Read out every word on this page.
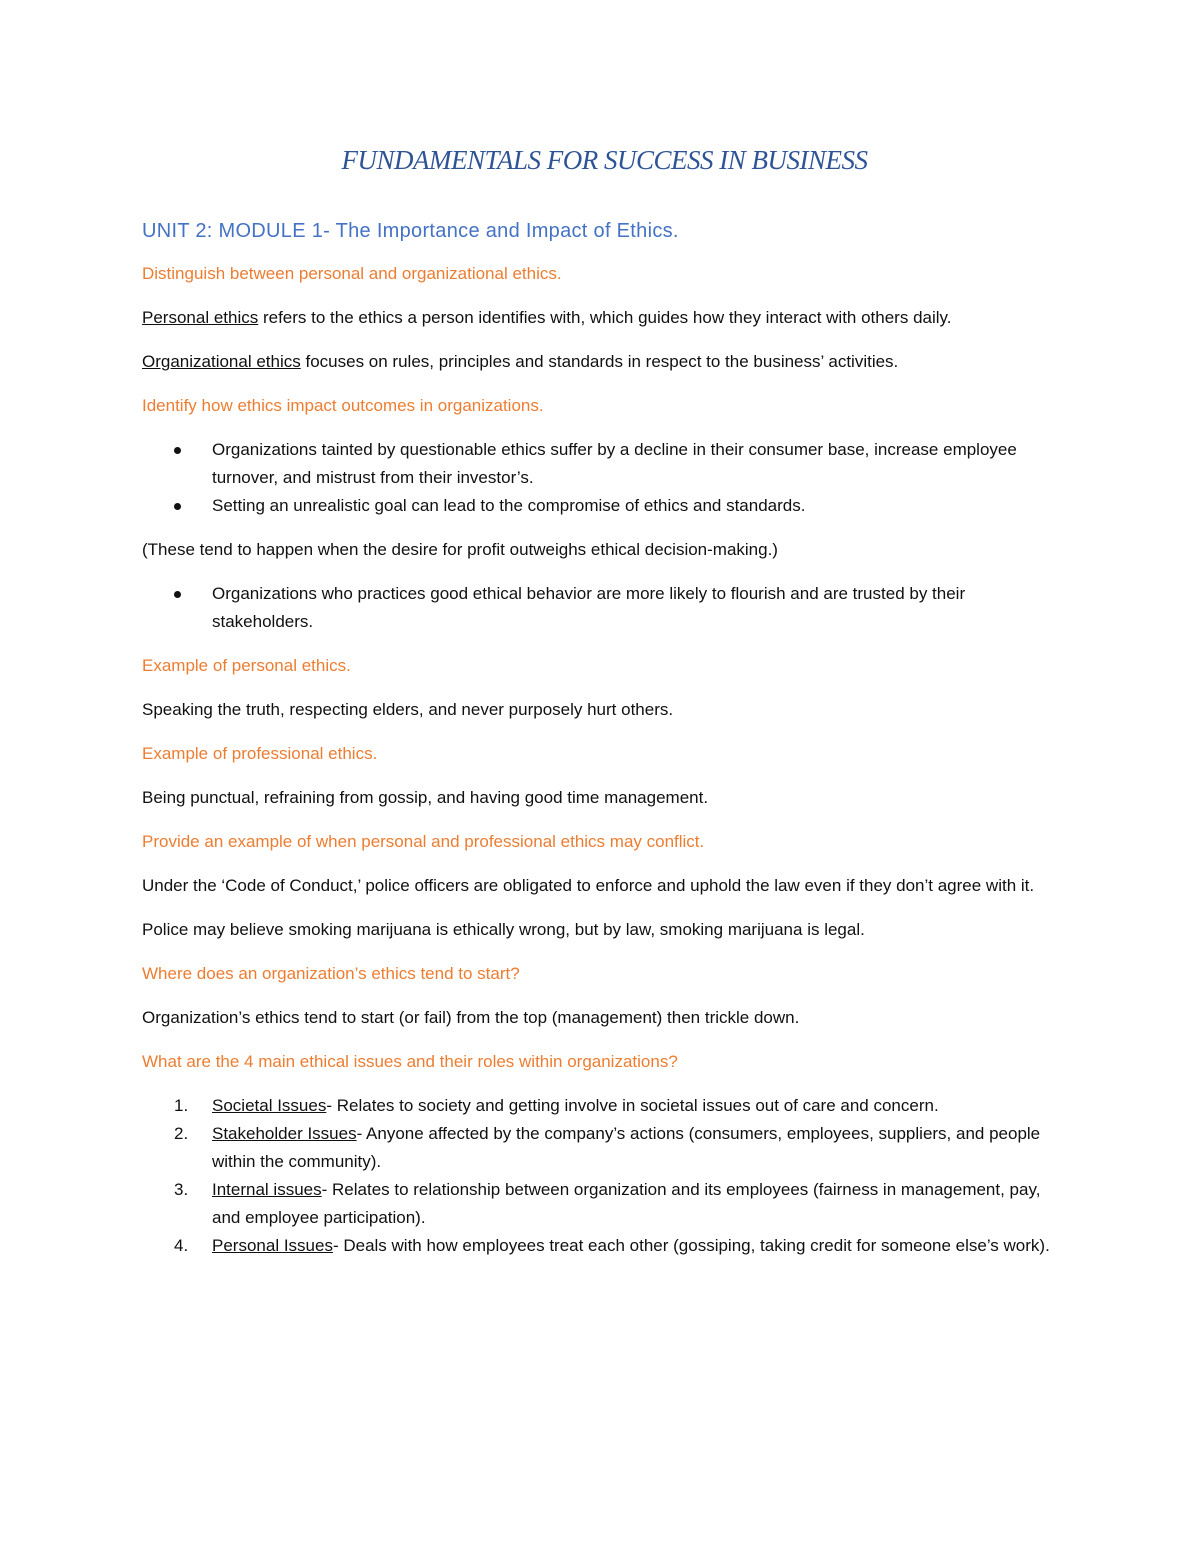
FUNDAMENTALS FOR SUCCESS IN BUSINESS
UNIT 2: MODULE 1- The Importance and Impact of Ethics.
Distinguish between personal and organizational ethics.

Personal ethics refers to the ethics a person identifies with, which guides how they interact with others daily.

Organizational ethics focuses on rules, principles and standards in respect to the business’ activities.

Identify how ethics impact outcomes in organizations.
Organizations tainted by questionable ethics suffer by a decline in their consumer base, increase employee turnover, and mistrust from their investor’s.
Setting an unrealistic goal can lead to the compromise of ethics and standards.

(These tend to happen when the desire for profit outweighs ethical decision-making.)

Organizations who practices good ethical behavior are more likely to flourish and are trusted by their stakeholders.
Example of personal ethics.

Speaking the truth, respecting elders, and never purposely hurt others.

Example of professional ethics.

Being punctual, refraining from gossip, and having good time management.

Provide an example of when personal and professional ethics may conflict.

Under the ‘Code of Conduct,’ police officers are obligated to enforce and uphold the law even if they don’t agree with it.

Police may believe smoking marijuana is ethically wrong, but by law, smoking marijuana is legal.

Where does an organization’s ethics tend to start?

Organization’s ethics tend to start (or fail) from the top (management) then trickle down.

What are the 4 main ethical issues and their roles within organizations?
1. Societal Issues- Relates to society and getting involve in societal issues out of care and concern.
2. Stakeholder Issues- Anyone affected by the company’s actions (consumers, employees, suppliers, and people within the community).
3. Internal issues- Relates to relationship between organization and its employees (fairness in management, pay, and employee participation).
4. Personal Issues- Deals with how employees treat each other (gossiping, taking credit for someone else’s work).
